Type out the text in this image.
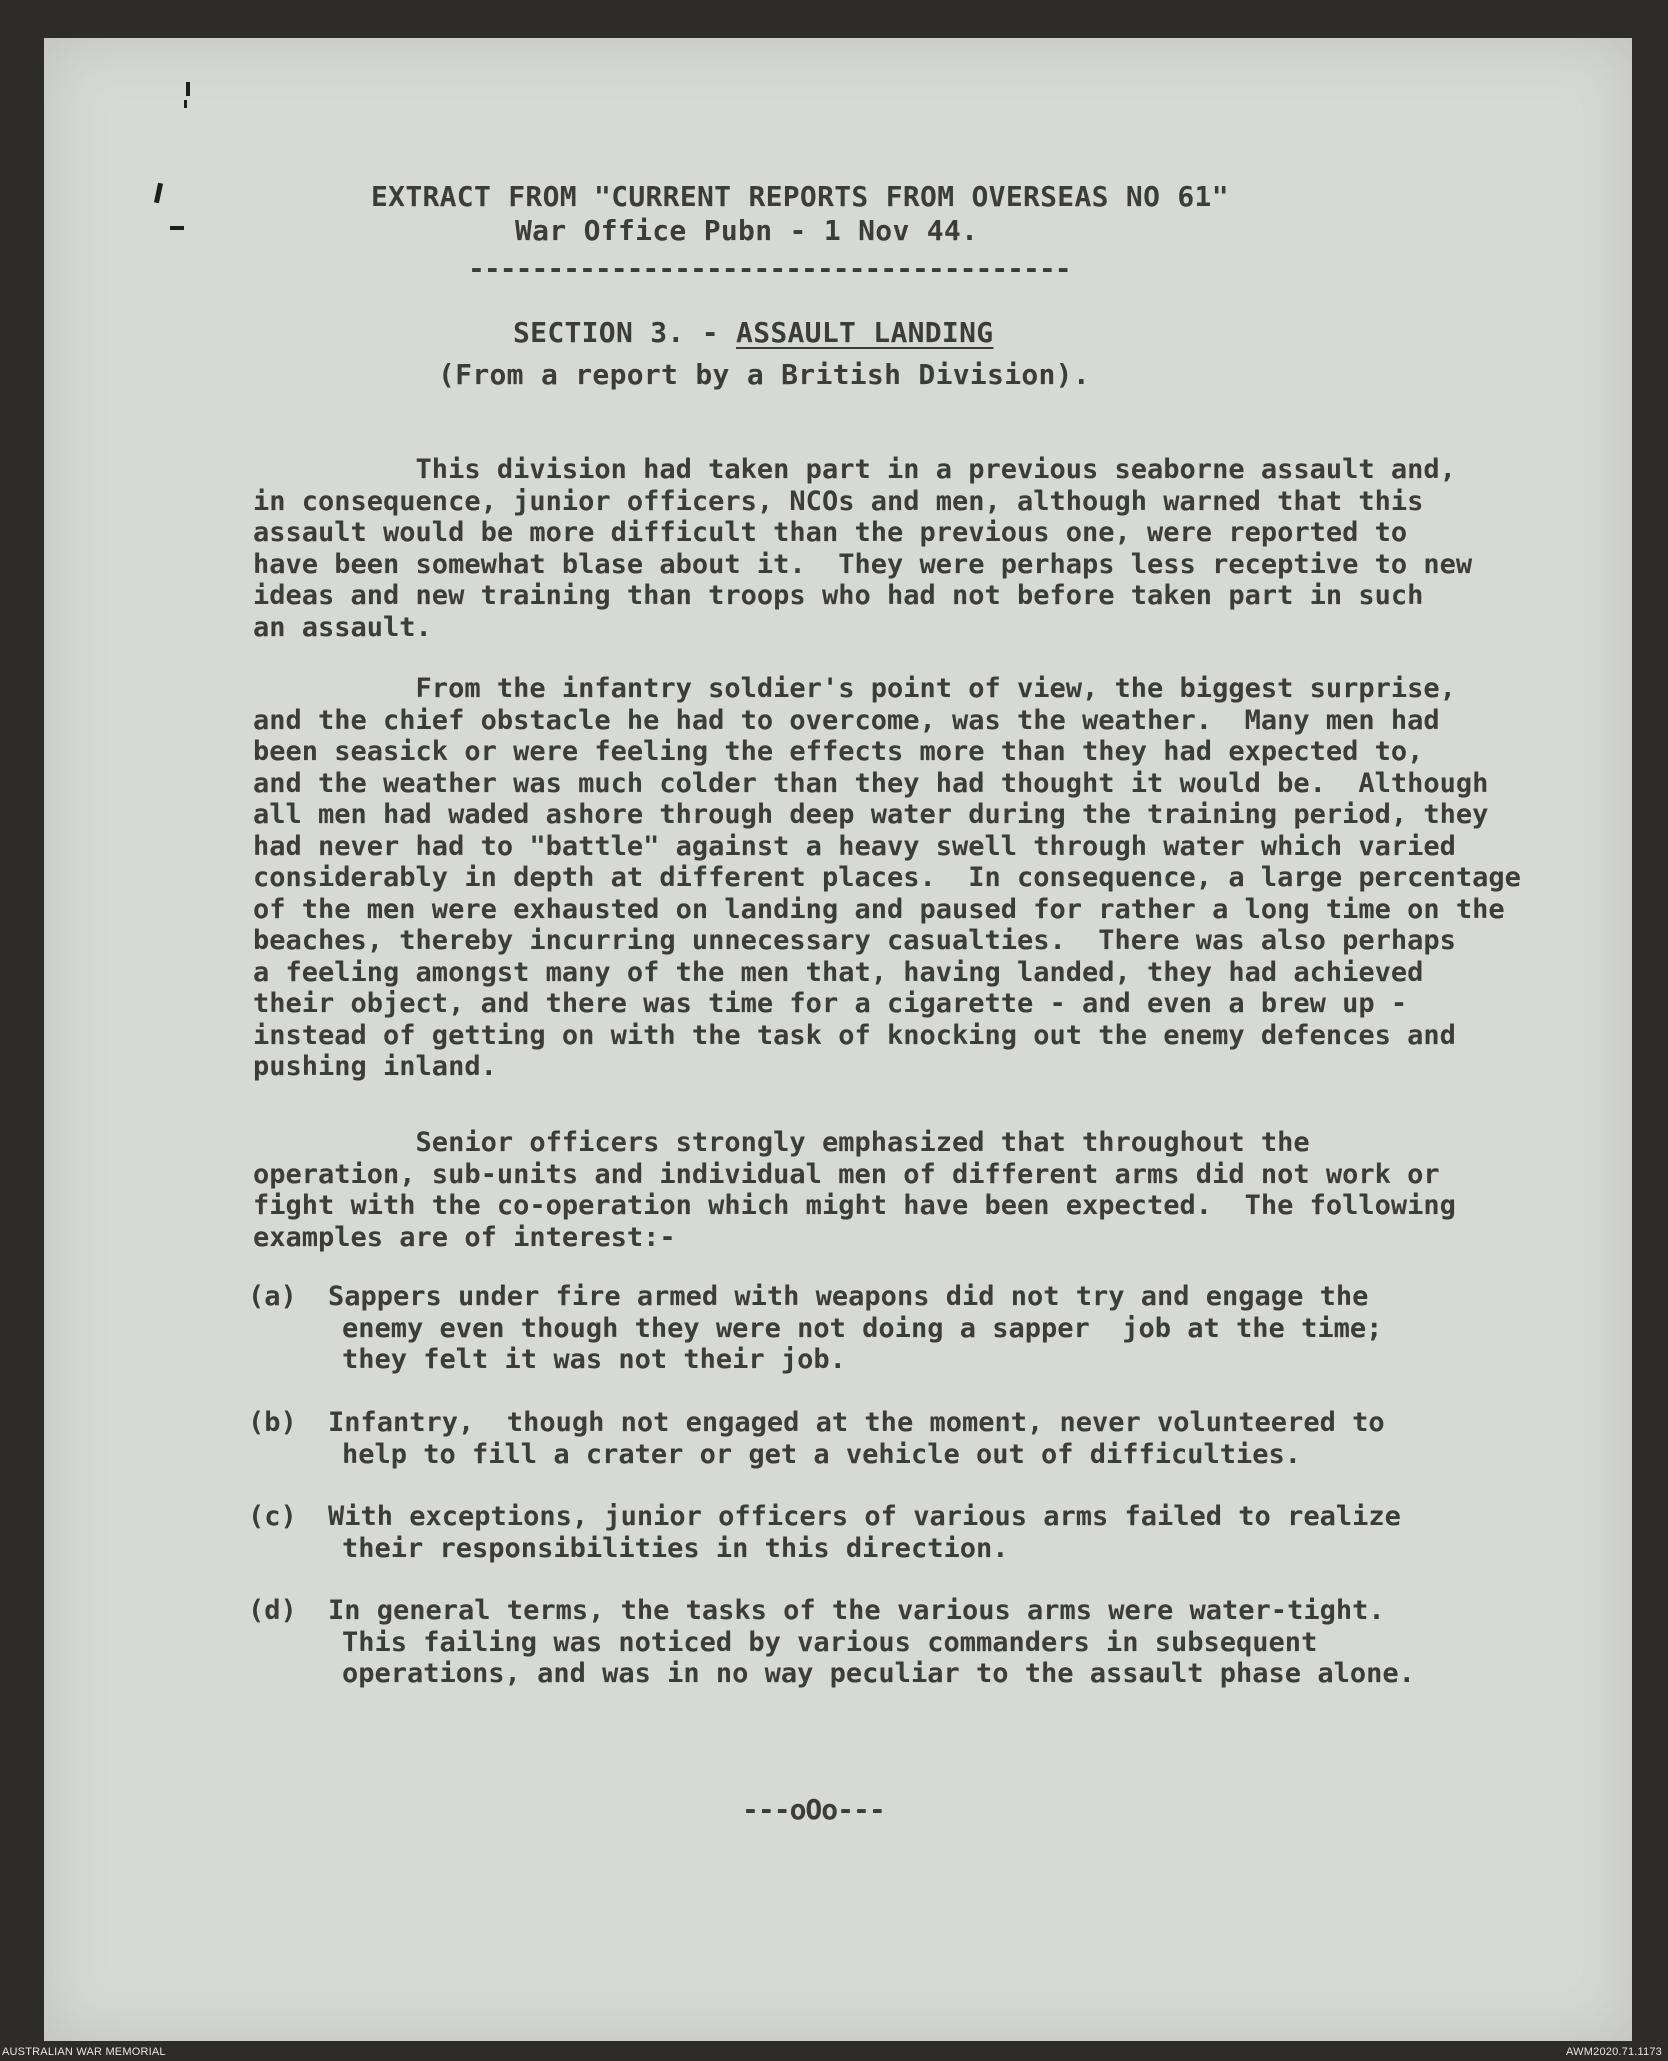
EXTRACT FROM "CURRENT REPORTS FROM OVERSEAS NO 61"

War Office Pubn - 1 Nov 44.

--------------------------------------

SECTION 3. - ASSAULT LANDING

(From a report by a British Division).

This division had taken part in a previous seaborne assault and,
in consequence, junior officers, NCOs and men, although warned that this
assault would be more difficult than the previous one, were reported to
have been somewhat blase about it.  They were perhaps less receptive to new
ideas and new training than troops who had not before taken part in such
an assault.
From the infantry soldier's point of view, the biggest surprise,
and the chief obstacle he had to overcome, was the weather.  Many men had
been seasick or were feeling the effects more than they had expected to,
and the weather was much colder than they had thought it would be.  Although
all men had waded ashore through deep water during the training period, they
had never had to "battle" against a heavy swell through water which varied
considerably in depth at different places.  In consequence, a large percentage
of the men were exhausted on landing and paused for rather a long time on the
beaches, thereby incurring unnecessary casualties.  There was also perhaps
a feeling amongst many of the men that, having landed, they had achieved
their object, and there was time for a cigarette - and even a brew up -
instead of getting on with the task of knocking out the enemy defences and
pushing inland.
Senior officers strongly emphasized that throughout the
operation, sub-units and individual men of different arms did not work or
fight with the co-operation which might have been expected.  The following
examples are of interest:-
(a) Sappers under fire armed with weapons did not try and engage the
enemy even though they were not doing a sapper  job at the time;
they felt it was not their job.
(b) Infantry,  though not engaged at the moment, never volunteered to
help to fill a crater or get a vehicle out of difficulties.
(c) With exceptions, junior officers of various arms failed to realize
their responsibilities in this direction.
(d) In general terms, the tasks of the various arms were water-tight.
This failing was noticed by various commanders in subsequent
operations, and was in no way peculiar to the assault phase alone.

---oOo---

AUSTRALIAN WAR MEMORIAL	AWM2020.71.1173
